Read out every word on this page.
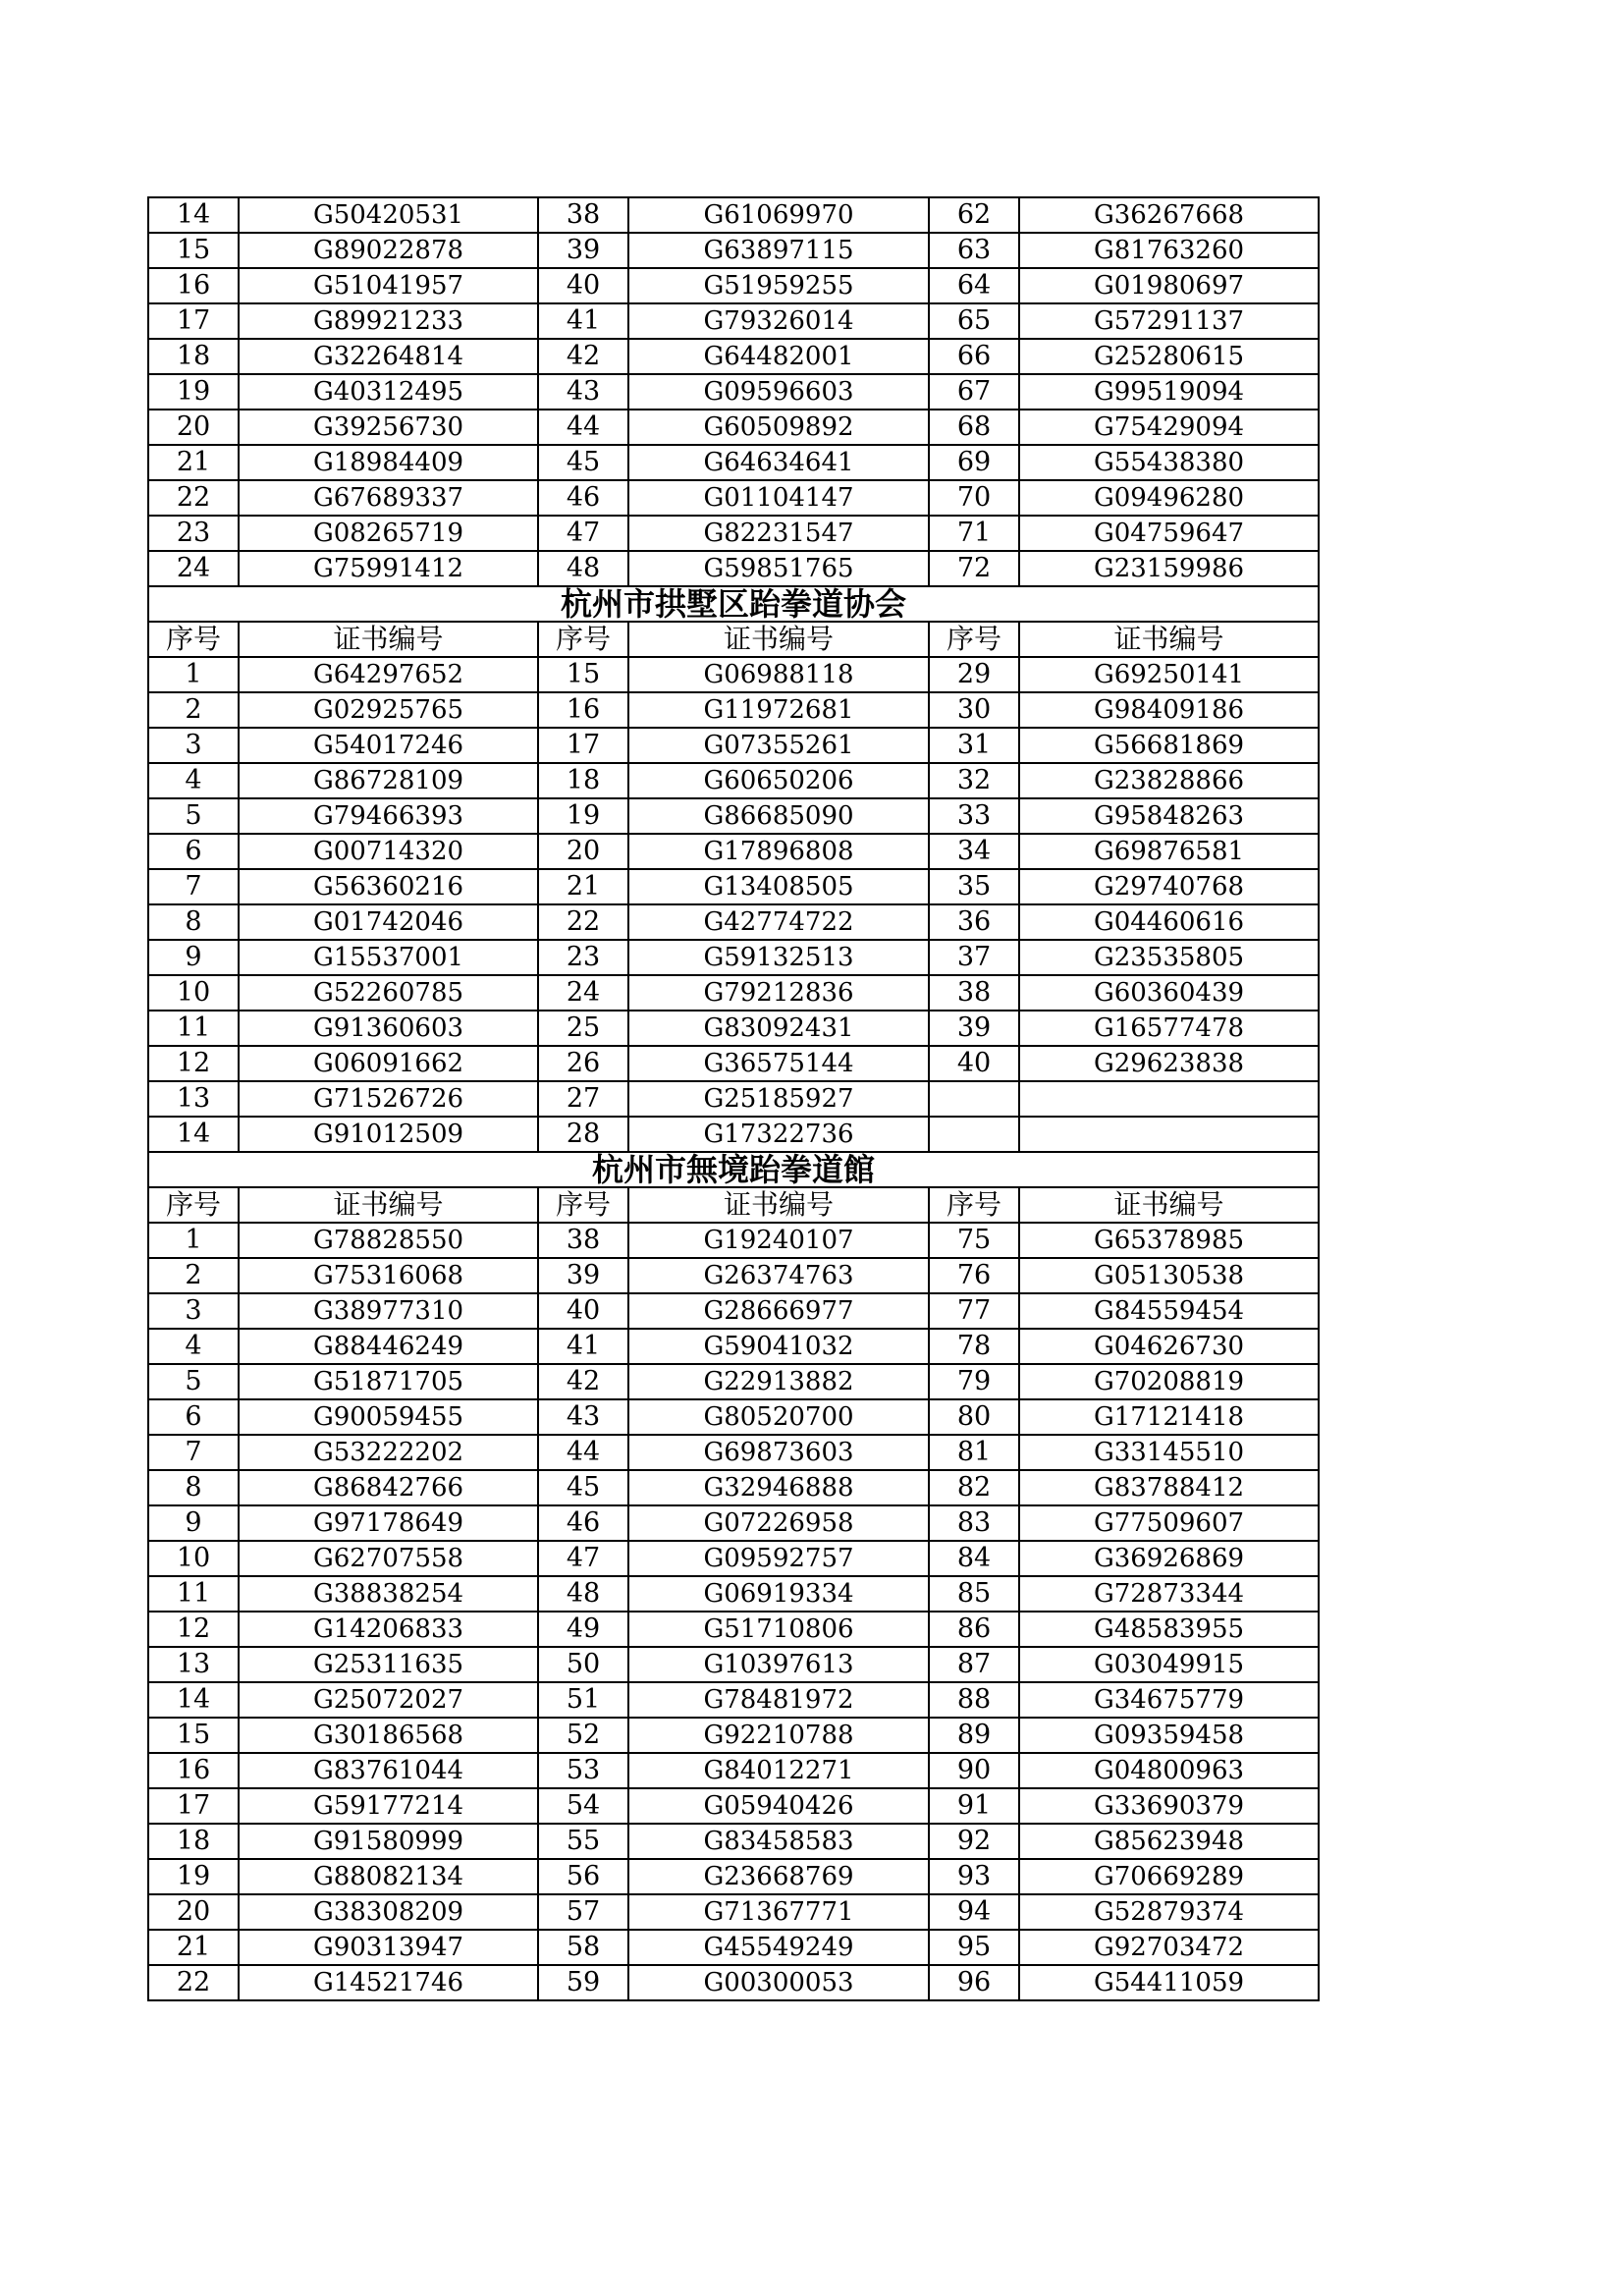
14	G50420531	38	G61069970	62	G36267668
15	G89022878	39	G63897115	63	G81763260
16	G51041957	40	G51959255	64	G01980697
17	G89921233	41	G79326014	65	G57291137
18	G32264814	42	G64482001	66	G25280615
19	G40312495	43	G09596603	67	G99519094
20	G39256730	44	G60509892	68	G75429094
21	G18984409	45	G64634641	69	G55438380
22	G67689337	46	G01104147	70	G09496280
23	G08265719	47	G82231547	71	G04759647
24	G75991412	48	G59851765	72	G23159986
杭州市拱墅区跆拳道协会					
序号	证书编号	序号	证书编号	序号	证书编号
1	G64297652	15	G06988118	29	G69250141
2	G02925765	16	G11972681	30	G98409186
3	G54017246	17	G07355261	31	G56681869
4	G86728109	18	G60650206	32	G23828866
5	G79466393	19	G86685090	33	G95848263
6	G00714320	20	G17896808	34	G69876581
7	G56360216	21	G13408505	35	G29740768
8	G01742046	22	G42774722	36	G04460616
9	G15537001	23	G59132513	37	G23535805
10	G52260785	24	G79212836	38	G60360439
11	G91360603	25	G83092431	39	G16577478
12	G06091662	26	G36575144	40	G29623838
13	G71526726	27	G25185927		
14	G91012509	28	G17322736		
杭州市無境跆拳道館					
序号	证书编号	序号	证书编号	序号	证书编号
1	G78828550	38	G19240107	75	G65378985
2	G75316068	39	G26374763	76	G05130538
3	G38977310	40	G28666977	77	G84559454
4	G88446249	41	G59041032	78	G04626730
5	G51871705	42	G22913882	79	G70208819
6	G90059455	43	G80520700	80	G17121418
7	G53222202	44	G69873603	81	G33145510
8	G86842766	45	G32946888	82	G83788412
9	G97178649	46	G07226958	83	G77509607
10	G62707558	47	G09592757	84	G36926869
11	G38838254	48	G06919334	85	G72873344
12	G14206833	49	G51710806	86	G48583955
13	G25311635	50	G10397613	87	G03049915
14	G25072027	51	G78481972	88	G34675779
15	G30186568	52	G92210788	89	G09359458
16	G83761044	53	G84012271	90	G04800963
17	G59177214	54	G05940426	91	G33690379
18	G91580999	55	G83458583	92	G85623948
19	G88082134	56	G23668769	93	G70669289
20	G38308209	57	G71367771	94	G52879374
21	G90313947	58	G45549249	95	G92703472
22	G14521746	59	G00300053	96	G54411059
